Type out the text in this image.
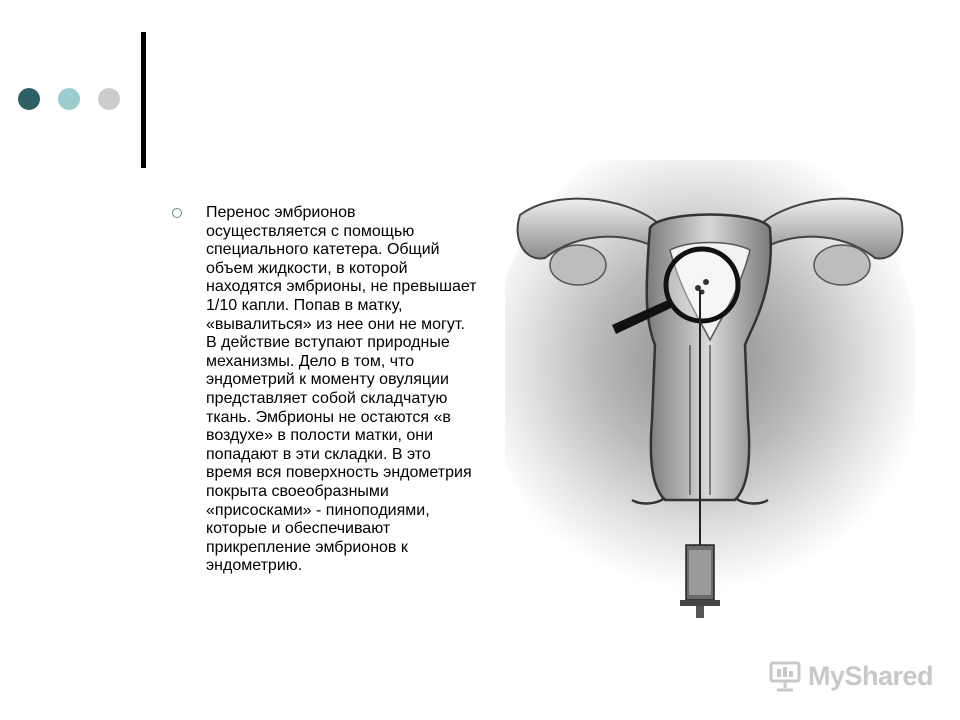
Перенос эмбрионов
осуществляется с помощью
специального катетера. Общий
объем жидкости, в которой
находятся эмбрионы, не превышает
1/10 капли. Попав в матку,
«вывалиться» из нее они не могут.
В действие вступают природные
механизмы. Дело в том, что
эндометрий к моменту овуляции
представляет собой складчатую
ткань. Эмбрионы не остаются «в
воздухе» в полости матки, они
попадают в эти складки. В это
время вся поверхность эндометрия
покрыта своеобразными
«присосками» - пиноподиями,
которые и обеспечивают
прикрепление эмбрионов к
эндометрию.
MyShared
